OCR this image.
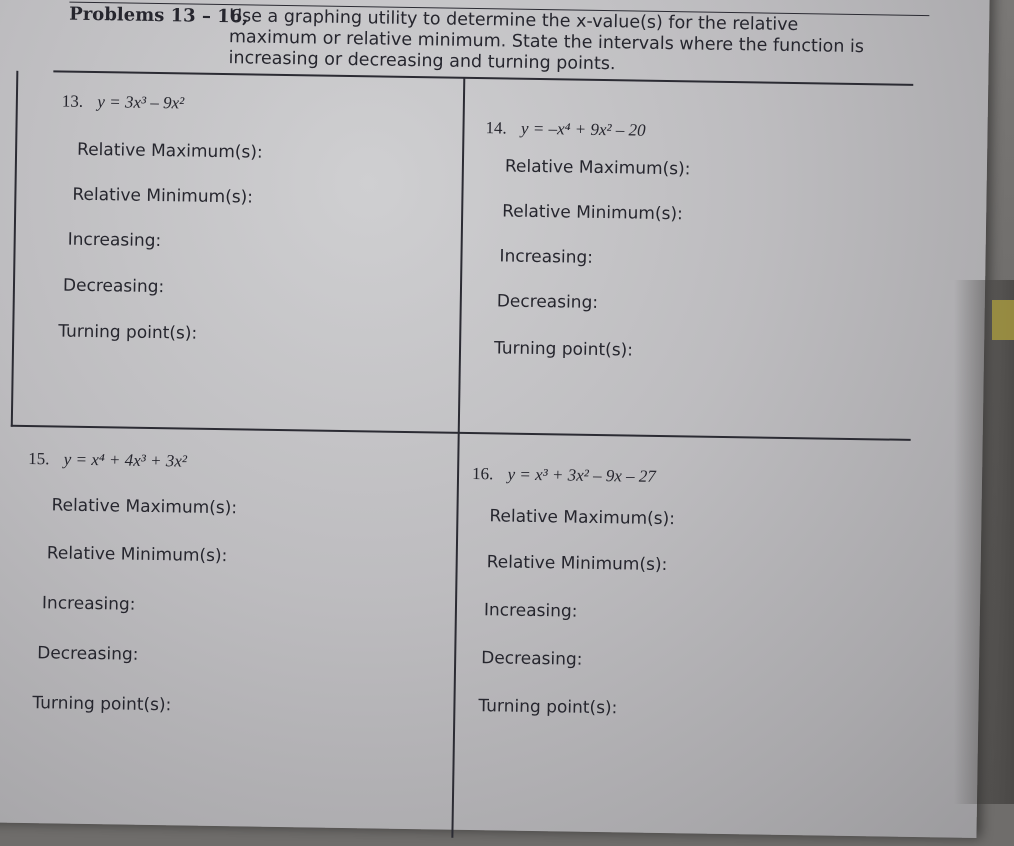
Problems 13 – 16,
Use a graphing utility to determine the x-value(s) for the relative maximum or relative minimum. State the intervals where the function is increasing or decreasing and turning points.
13. y = 3x³ – 9x²
Relative Maximum(s):
Relative Minimum(s):
Increasing:
Decreasing:
Turning point(s):
14. y = –x⁴ + 9x² – 20
Relative Maximum(s):
Relative Minimum(s):
Increasing:
Decreasing:
Turning point(s):
15. y = x⁴ + 4x³ + 3x²
Relative Maximum(s):
Relative Minimum(s):
Increasing:
Decreasing:
Turning point(s):
16. y = x³ + 3x² – 9x – 27
Relative Maximum(s):
Relative Minimum(s):
Increasing:
Decreasing:
Turning point(s):
